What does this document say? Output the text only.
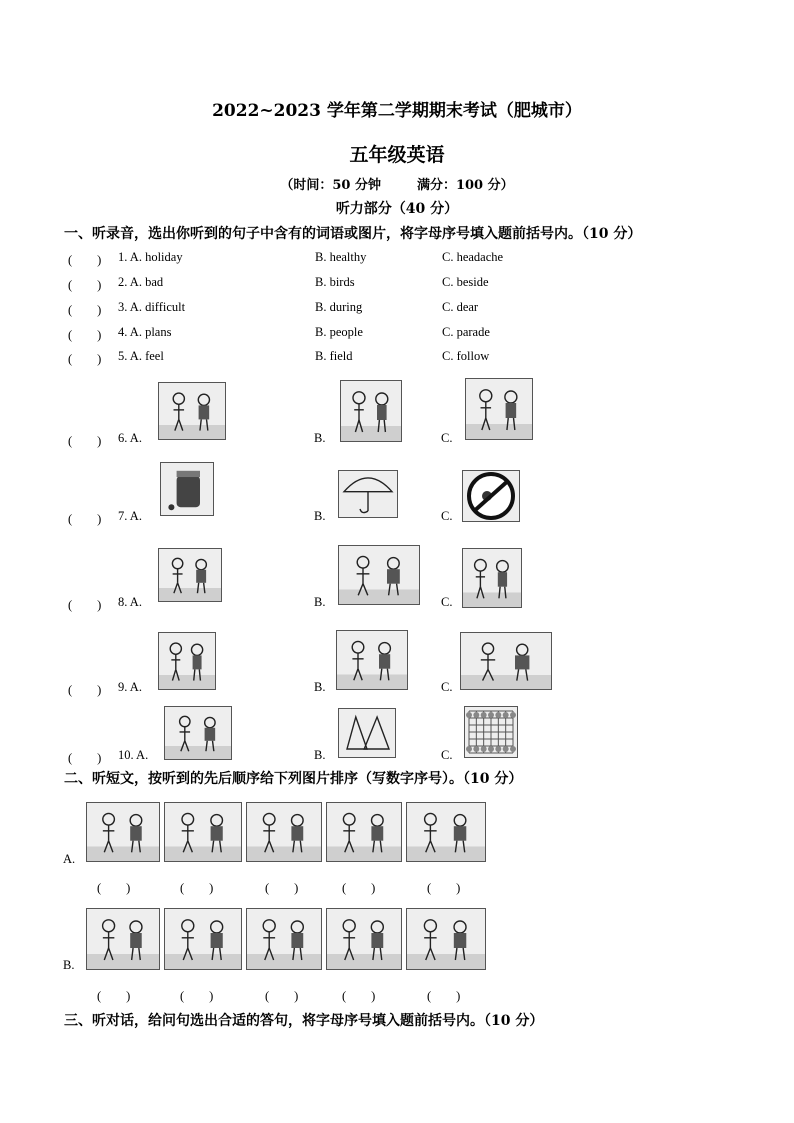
2022~2023 学年第二学期期末考试（肥城市）
五年级英语
（时间：50 分钟	满分：100 分）
听力部分（40 分）
一、听录音，选出你听到的句子中含有的词语或图片，将字母序号填入题前括号内。（10 分）
(　　) 1. A. holiday	B. healthy	C. headache
(　　) 2. A. bad	B. birds	C. beside
(　　) 3. A. difficult	B. during	C. dear
(　　) 4. A. plans	B. people	C. parade
(　　) 5. A. feel	B. field	C. follow
(　　) 6. A.	B.	C.
(　　) 7. A.	B.	C.
(　　) 8. A.	B.	C.
(　　) 9. A.	B.	C.
(　　) 10. A.	B.	C.
二、听短文，按听到的先后顺序给下列图片排序（写数字序号）。（10 分）
A.
(　　)	(　　)	(　　)	(　　)	(　　)
B.
(　　)	(　　)	(　　)	(　　)	(　　)
三、听对话，给问句选出合适的答句，将字母序号填入题前括号内。（10 分）
